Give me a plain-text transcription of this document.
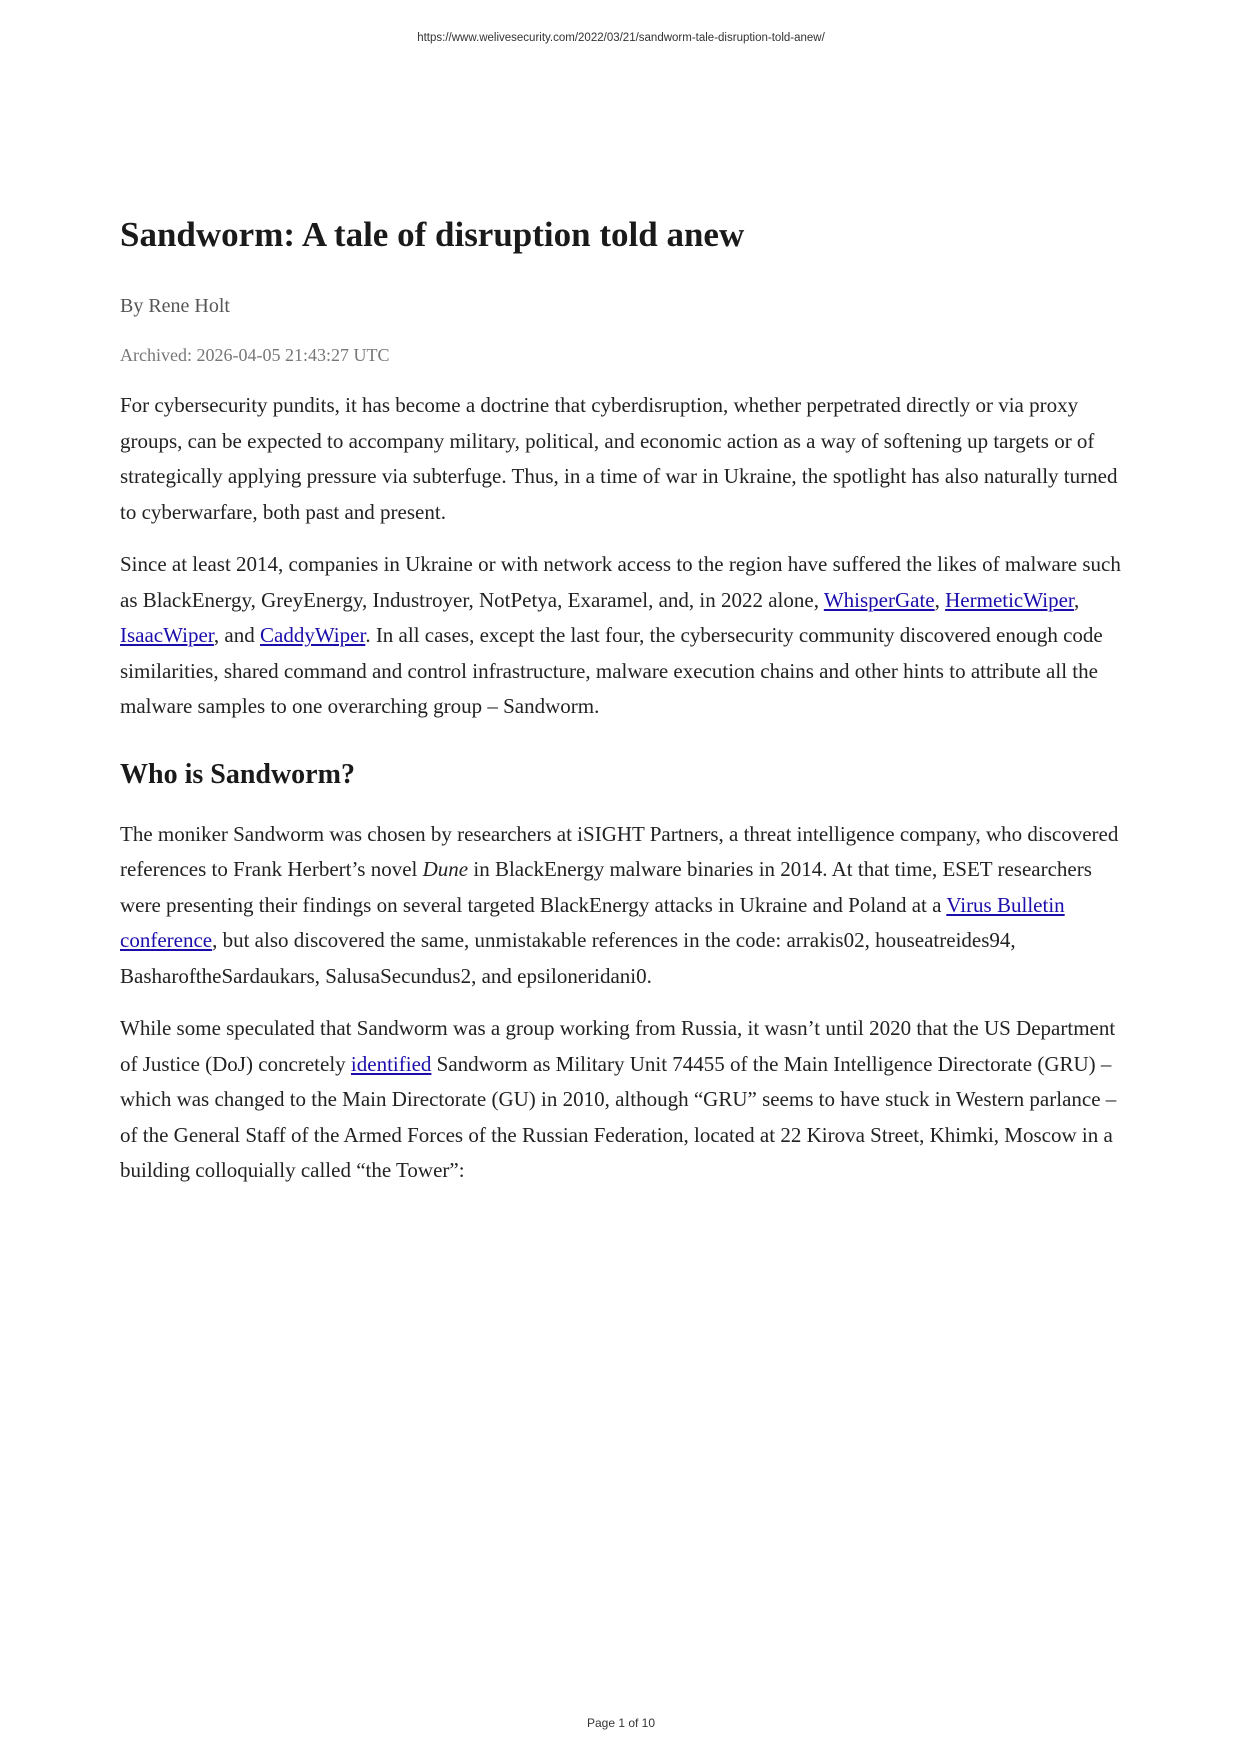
https://www.welivesecurity.com/2022/03/21/sandworm-tale-disruption-told-anew/
Sandworm: A tale of disruption told anew
By Rene Holt
Archived: 2026-04-05 21:43:27 UTC

For cybersecurity pundits, it has become a doctrine that cyberdisruption, whether perpetrated directly or via proxy groups, can be expected to accompany military, political, and economic action as a way of softening up targets or of strategically applying pressure via subterfuge. Thus, in a time of war in Ukraine, the spotlight has also naturally turned to cyberwarfare, both past and present.

Since at least 2014, companies in Ukraine or with network access to the region have suffered the likes of malware such as BlackEnergy, GreyEnergy, Industroyer, NotPetya, Exaramel, and, in 2022 alone, WhisperGate, HermeticWiper, IsaacWiper, and CaddyWiper. In all cases, except the last four, the cybersecurity community discovered enough code similarities, shared command and control infrastructure, malware execution chains and other hints to attribute all the malware samples to one overarching group – Sandworm.

Who is Sandworm?

The moniker Sandworm was chosen by researchers at iSIGHT Partners, a threat intelligence company, who discovered references to Frank Herbert’s novel Dune in BlackEnergy malware binaries in 2014. At that time, ESET researchers were presenting their findings on several targeted BlackEnergy attacks in Ukraine and Poland at a Virus Bulletin conference, but also discovered the same, unmistakable references in the code: arrakis02, houseatreides94, BasharoftheSardaukars, SalusaSecundus2, and epsiloneridani0.

While some speculated that Sandworm was a group working from Russia, it wasn’t until 2020 that the US Department of Justice (DoJ) concretely identified Sandworm as Military Unit 74455 of the Main Intelligence Directorate (GRU) – which was changed to the Main Directorate (GU) in 2010, although “GRU” seems to have stuck in Western parlance – of the General Staff of the Armed Forces of the Russian Federation, located at 22 Kirova Street, Khimki, Moscow in a building colloquially called “the Tower”:

Page 1 of 10
